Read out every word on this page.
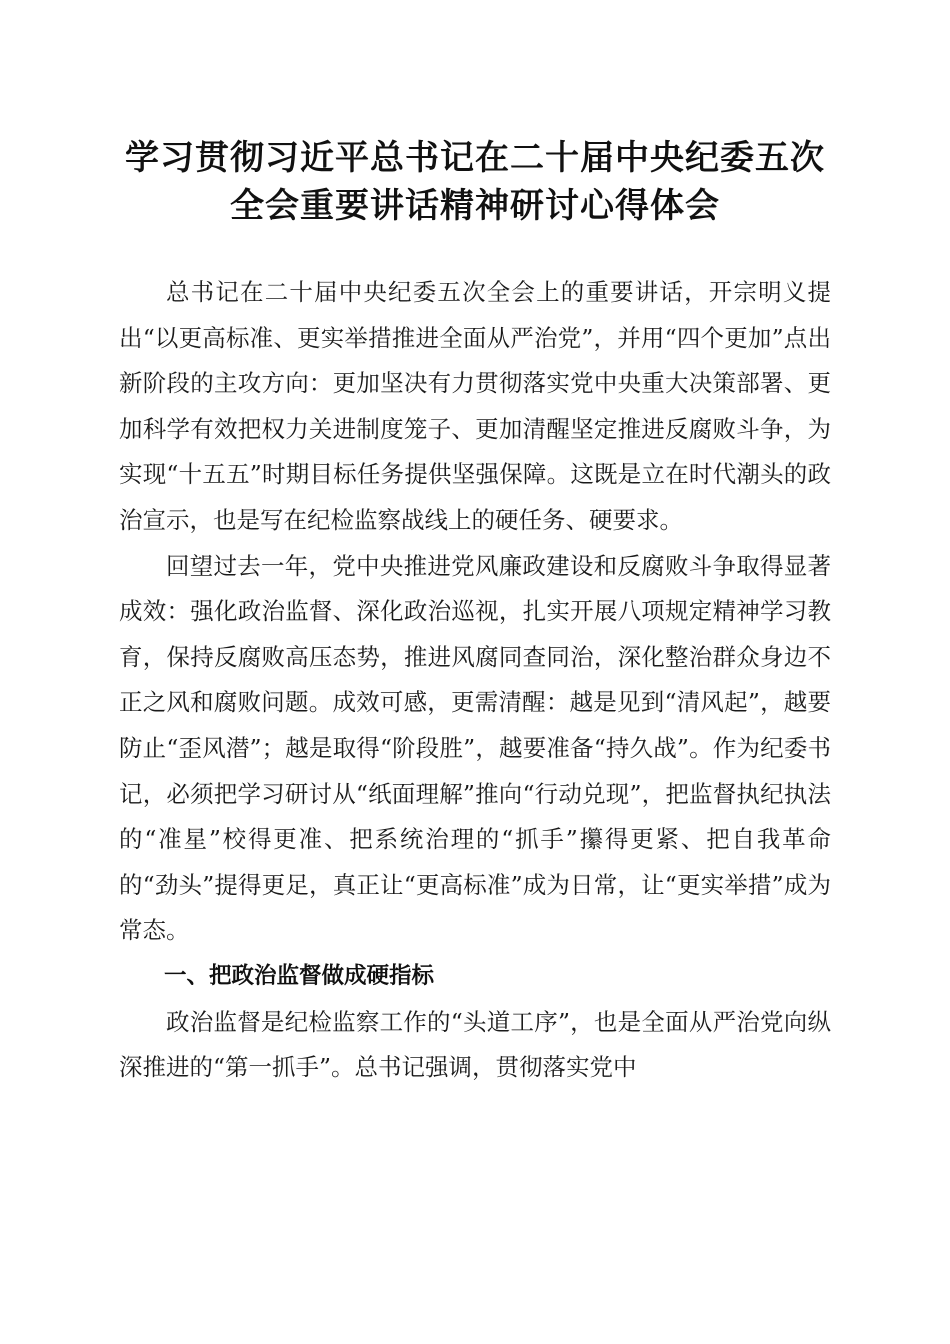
学习贯彻习近平总书记在二十届中央纪委五次
全会重要讲话精神研讨心得体会

总书记在二十届中央纪委五次全会上的重要讲话，开宗明义提出“以更高标准、更实举措推进全面从严治党”，并用“四个更加”点出新阶段的主攻方向：更加坚决有力贯彻落实党中央重大决策部署、更加科学有效把权力关进制度笼子、更加清醒坚定推进反腐败斗争，为实现“十五五”时期目标任务提供坚强保障。这既是立在时代潮头的政治宣示，也是写在纪检监察战线上的硬任务、硬要求。

回望过去一年，党中央推进党风廉政建设和反腐败斗争取得显著成效：强化政治监督、深化政治巡视，扎实开展八项规定精神学习教育，保持反腐败高压态势，推进风腐同查同治，深化整治群众身边不正之风和腐败问题。成效可感，更需清醒：越是见到“清风起”，越要防止“歪风潜”；越是取得“阶段胜”，越要准备“持久战”。作为纪委书记，必须把学习研讨从“纸面理解”推向“行动兑现”，把监督执纪执法的“准星”校得更准、把系统治理的“抓手”攥得更紧、把自我革命的“劲头”提得更足，真正让“更高标准”成为日常，让“更实举措”成为常态。

一、把政治监督做成硬指标

政治监督是纪检监察工作的“头道工序”，也是全面从严治党向纵深推进的“第一抓手”。总书记强调，贯彻落实党中
